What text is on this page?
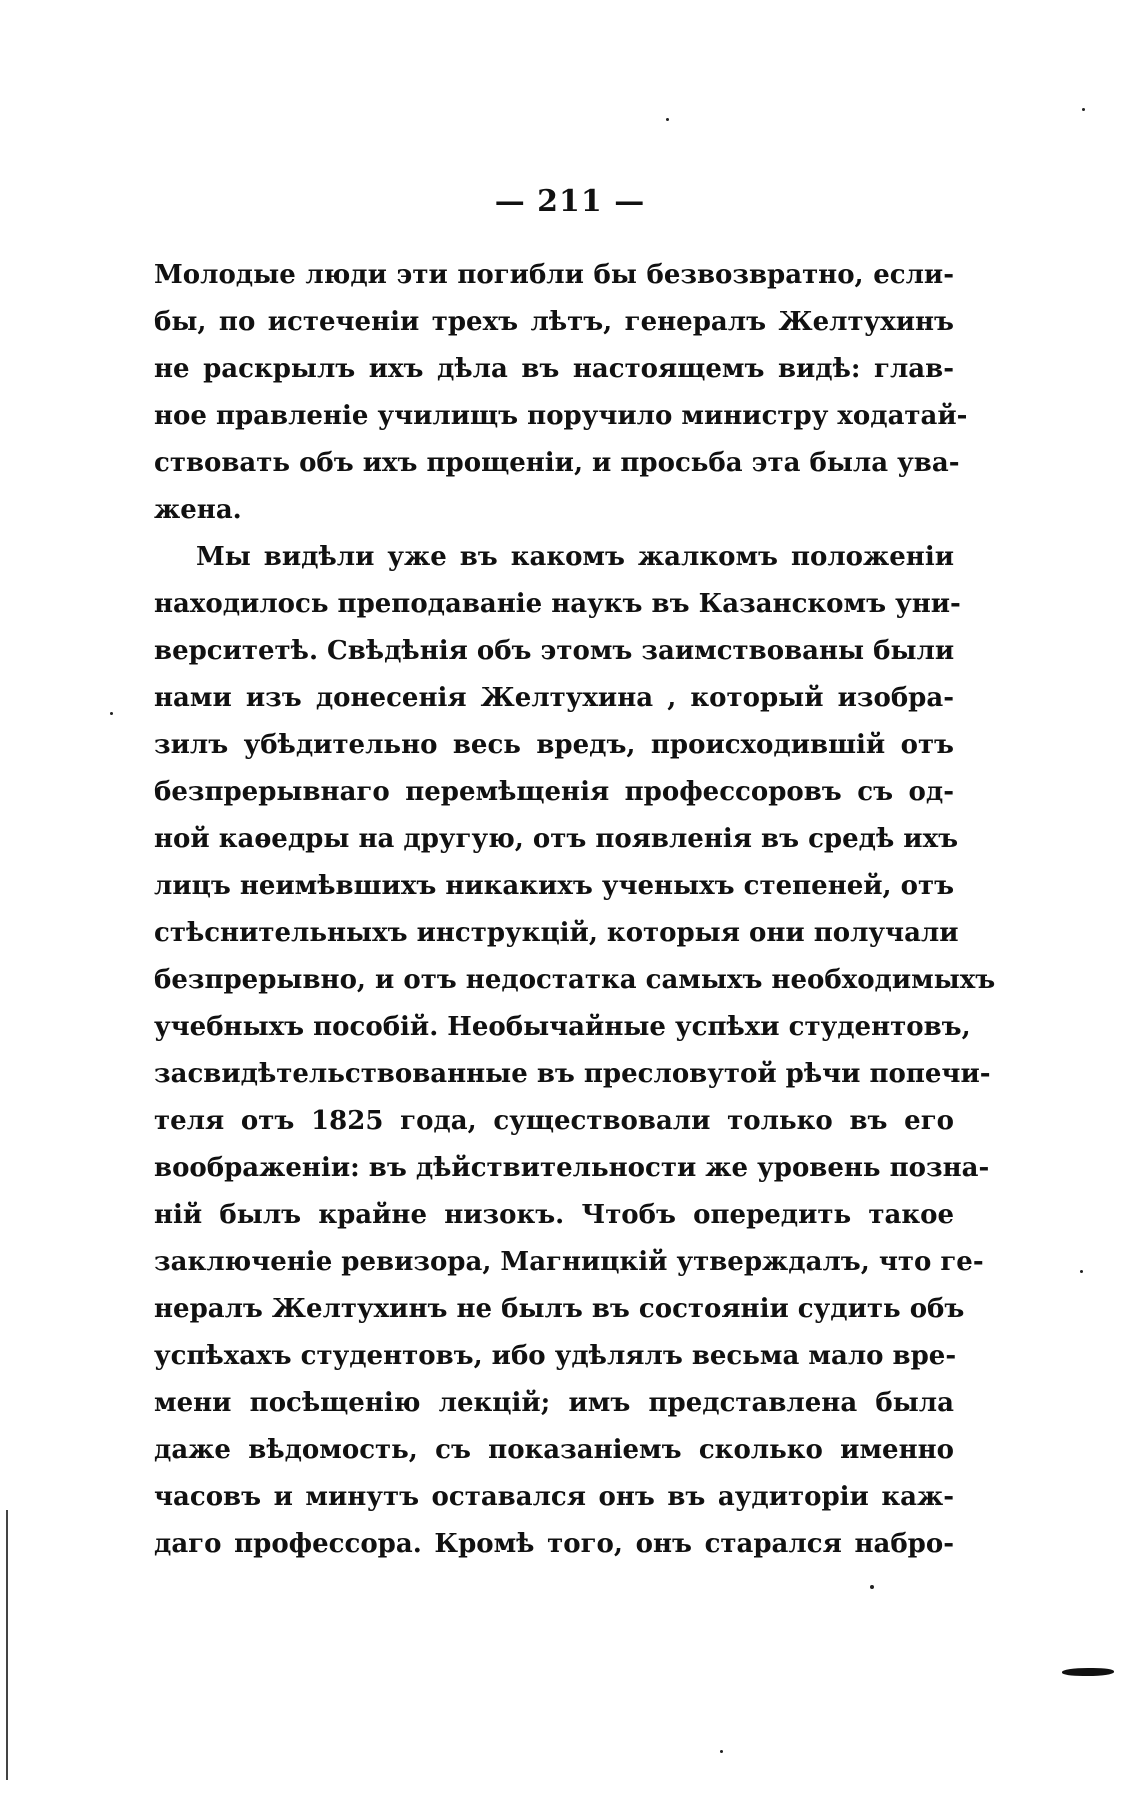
— 211 —
Молодые люди эти погибли бы безвозвратно, если-
бы, по истеченіи трехъ лѣтъ, генералъ Желтухинъ
не раскрылъ ихъ дѣла въ настоящемъ видѣ: глав-
ное правленіе училищъ поручило министру ходатай-
ствовать объ ихъ прощеніи, и просьба эта была ува-
жена.
Мы видѣли уже въ какомъ жалкомъ положеніи
находилось преподаваніе наукъ въ Казанскомъ уни-
верситетѣ. Свѣдѣнія объ этомъ заимствованы были
нами изъ донесенія Желтухина , который изобра-
зилъ убѣдительно весь вредъ, происходившій отъ
безпрерывнаго перемѣщенія профессоровъ съ од-
ной каѳедры на другую, отъ появленія въ средѣ ихъ
лицъ неимѣвшихъ никакихъ ученыхъ степеней, отъ
стѣснительныхъ инструкцій, которыя они получали
безпрерывно, и отъ недостатка самыхъ необходимыхъ
учебныхъ пособій. Необычайные успѣхи студентовъ,
засвидѣтельствованные въ пресловутой рѣчи попечи-
теля отъ 1825 года, существовали только въ его
воображеніи: въ дѣйствительности же уровень позна-
ній былъ крайне низокъ. Чтобъ опередить такое
заключеніе ревизора, Магницкій утверждалъ, что ге-
нералъ Желтухинъ не былъ въ состояніи судить объ
успѣхахъ студентовъ, ибо удѣлялъ весьма мало вре-
мени посѣщенію лекцій; имъ представлена была
даже вѣдомость, съ показаніемъ сколько именно
часовъ и минутъ оставался онъ въ аудиторіи каж-
даго профессора. Кромѣ того, онъ старался набро-
